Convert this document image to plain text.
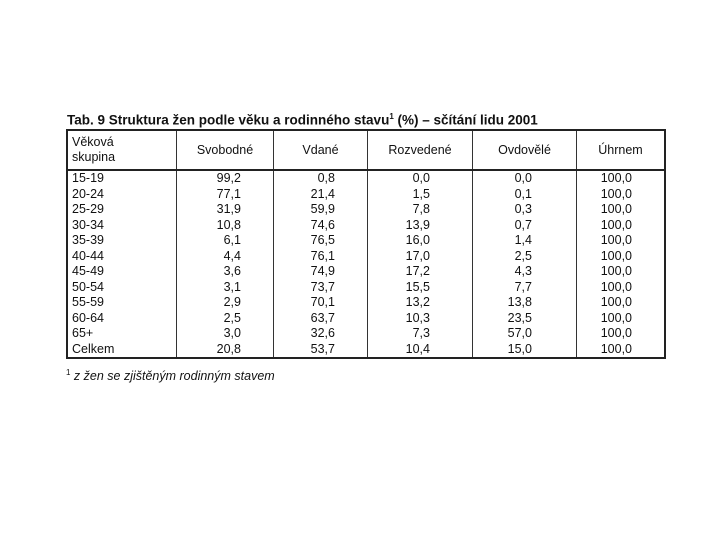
Tab. 9 Struktura žen podle věku a rodinného stavu$^1$ (%) – sčítání lidu 2001
Věková
skupina	Svobodné	Vdané	Rozvedené	Ovdovělé	Úhrnem
15-19	99,2	0,8	0,0	0,0	100,0
20-24	77,1	21,4	1,5	0,1	100,0
25-29	31,9	59,9	7,8	0,3	100,0
30-34	10,8	74,6	13,9	0,7	100,0
35-39	6,1	76,5	16,0	1,4	100,0
40-44	4,4	76,1	17,0	2,5	100,0
45-49	3,6	74,9	17,2	4,3	100,0
50-54	3,1	73,7	15,5	7,7	100,0
55-59	2,9	70,1	13,2	13,8	100,0
60-64	2,5	63,7	10,3	23,5	100,0
65+	3,0	32,6	7,3	57,0	100,0
Celkem	20,8	53,7	10,4	15,0	100,0
$^1$ z žen se zjištěným rodinným stavem
